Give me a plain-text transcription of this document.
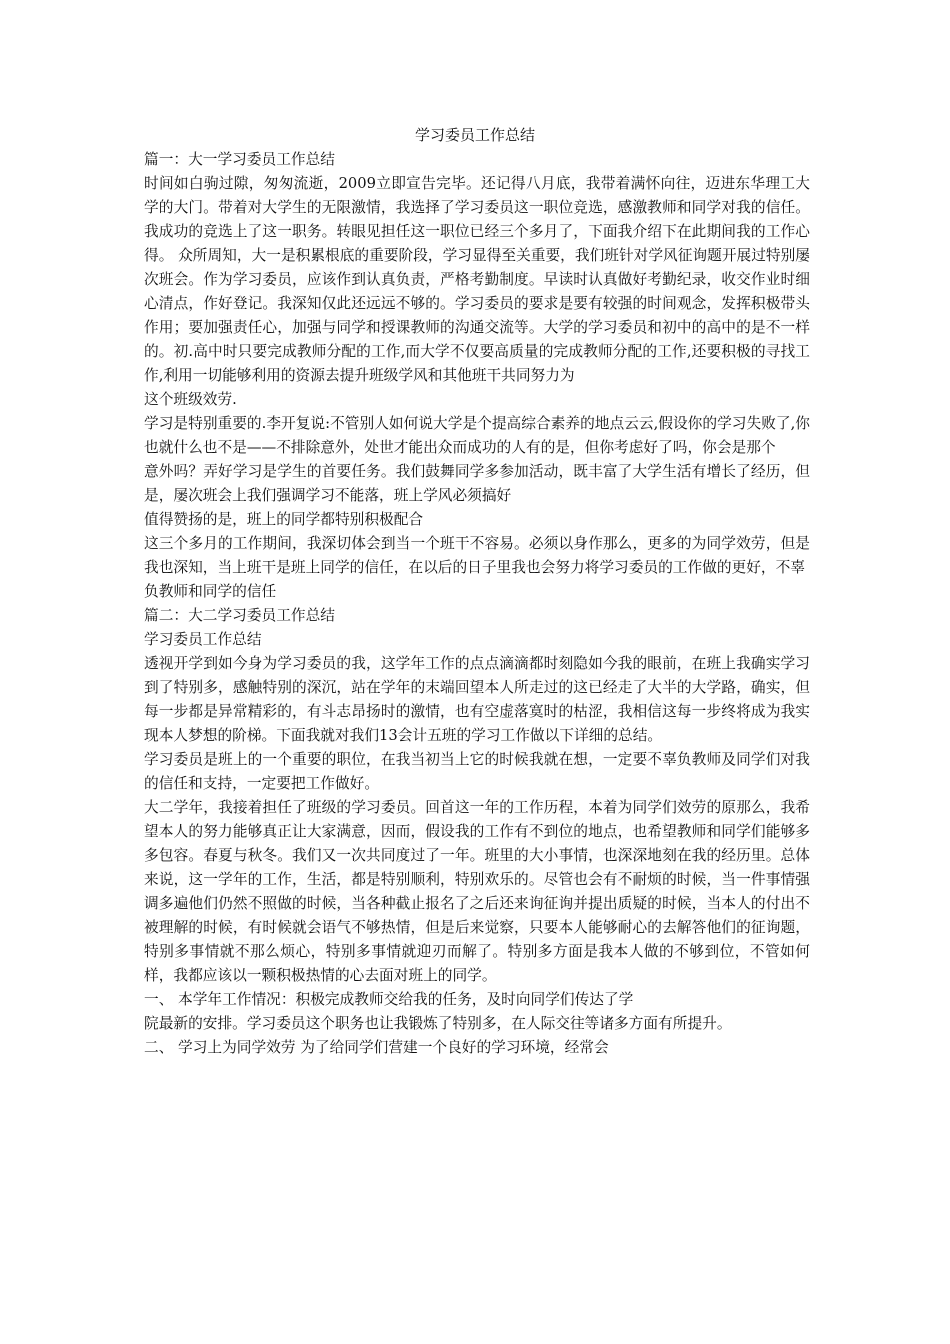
学习委员工作总结

篇一：大一学习委员工作总结

时间如白驹过隙，匆匆流逝，2009立即宣告完毕。还记得八月底，我带着满怀向往，迈进东华理工大学的大门。带着对大学生的无限激情，我选择了学习委员这一职位竞选，感激教师和同学对我的信任。我成功的竞选上了这一职务。转眼见担任这一职位已经三个多月了，下面我介绍下在此期间我的工作心得。 众所周知，大一是积累根底的重要阶段，学习显得至关重要，我们班针对学风征询题开展过特别屡次班会。作为学习委员，应该作到认真负责，严格考勤制度。早读时认真做好考勤纪录，收交作业时细心清点，作好登记。我深知仅此还远远不够的。学习委员的要求是要有较强的时间观念，发挥积极带头作用；要加强责任心，加强与同学和授课教师的沟通交流等。大学的学习委员和初中的高中的是不一样的。初.高中时只要完成教师分配的工作,而大学不仅要高质量的完成教师分配的工作,还要积极的寻找工作,利用一切能够利用的资源去提升班级学风和其他班干共同努力为

这个班级效劳.

学习是特别重要的.李开复说:不管别人如何说大学是个提高综合素养的地点云云,假设你的学习失败了,你也就什么也不是——不排除意外，处世才能出众而成功的人有的是，但你考虑好了吗，你会是那个

意外吗？弄好学习是学生的首要任务。我们鼓舞同学多参加活动，既丰富了大学生活有增长了经历，但是，屡次班会上我们强调学习不能落，班上学风必须搞好

值得赞扬的是，班上的同学都特别积极配合

这三个多月的工作期间，我深切体会到当一个班干不容易。必须以身作那么，更多的为同学效劳，但是我也深知，当上班干是班上同学的信任，在以后的日子里我也会努力将学习委员的工作做的更好，不辜

负教师和同学的信任

篇二：大二学习委员工作总结

学习委员工作总结

透视开学到如今身为学习委员的我，这学年工作的点点滴滴都时刻隐如今我的眼前，在班上我确实学习到了特别多，感触特别的深沉，站在学年的末端回望本人所走过的这已经走了大半的大学路，确实，但每一步都是异常精彩的，有斗志昂扬时的激情，也有空虚落寞时的枯涩，我相信这每一步终将成为我实现本人梦想的阶梯。下面我就对我们13会计五班的学习工作做以下详细的总结。

学习委员是班上的一个重要的职位，在我当初当上它的时候我就在想，一定要不辜负教师及同学们对我的信任和支持，一定要把工作做好。

大二学年，我接着担任了班级的学习委员。回首这一年的工作历程，本着为同学们效劳的原那么，我希望本人的努力能够真正让大家满意，因而，假设我的工作有不到位的地点，也希望教师和同学们能够多多包容。春夏与秋冬。我们又一次共同度过了一年。班里的大小事情，也深深地刻在我的经历里。总体来说，这一学年的工作，生活，都是特别顺利，特别欢乐的。尽管也会有不耐烦的时候，当一件事情强调多遍他们仍然不照做的时候，当各种截止报名了之后还来询征询并提出质疑的时候，当本人的付出不被理解的时候，有时候就会语气不够热情，但是后来觉察，只要本人能够耐心的去解答他们的征询题，特别多事情就不那么烦心，特别多事情就迎刃而解了。特别多方面是我本人做的不够到位，不管如何样，我都应该以一颗积极热情的心去面对班上的同学。

一、 本学年工作情况：积极完成教师交给我的任务，及时向同学们传达了学

院最新的安排。学习委员这个职务也让我锻炼了特别多，在人际交往等诸多方面有所提升。

二、 学习上为同学效劳 为了给同学们营建一个良好的学习环境，经常会
